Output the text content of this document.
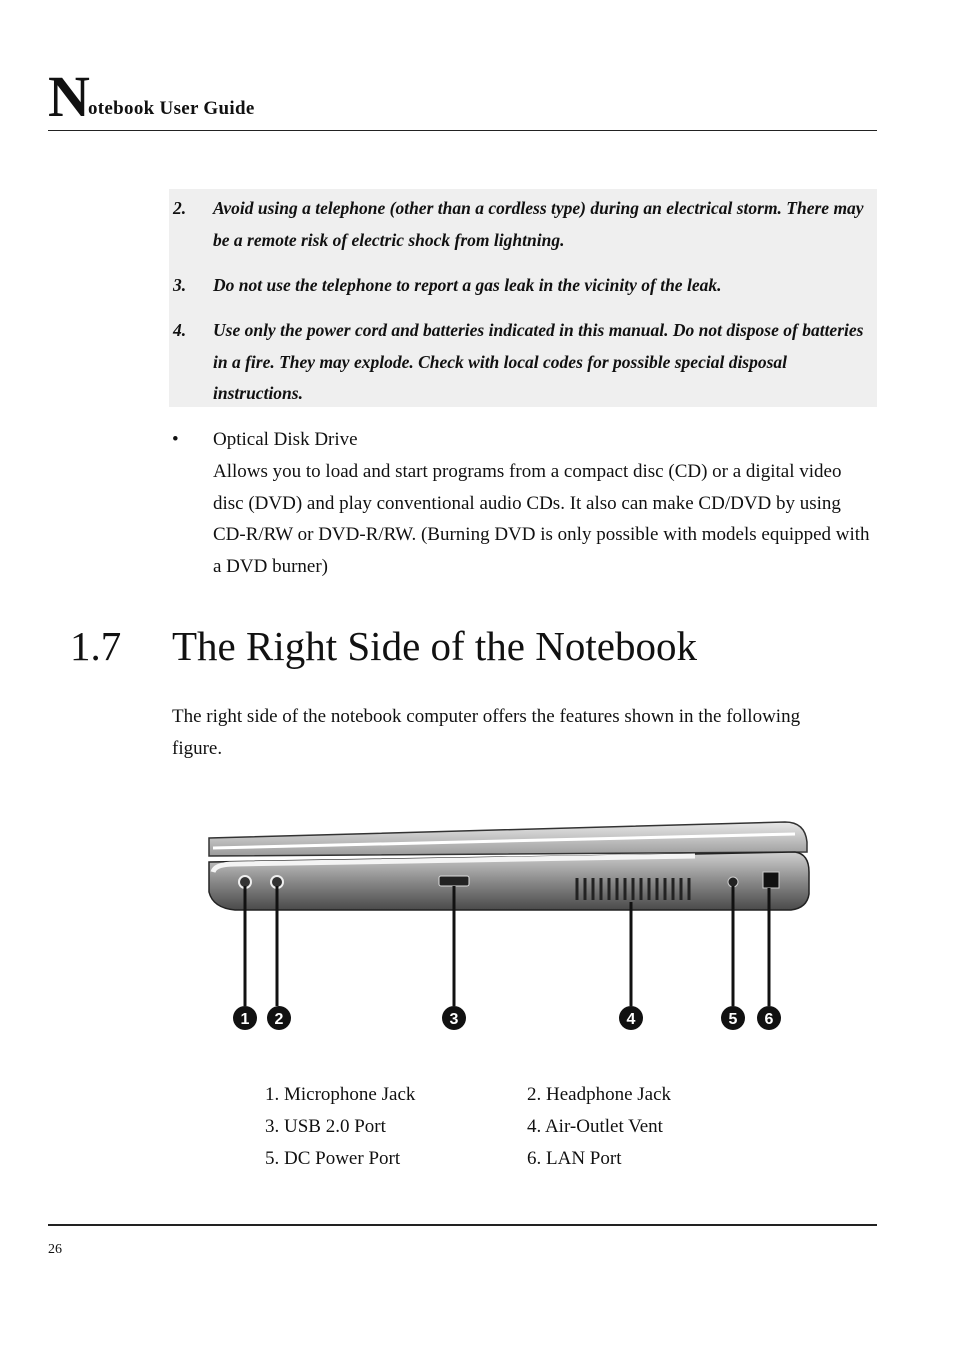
N
otebook User Guide
2. Avoid using a telephone (other than a cordless type) during an electrical storm. There may be a remote risk of electric shock from lightning.
3. Do not use the telephone to report a gas leak in the vicinity of the leak.
4. Use only the power cord and batteries indicated in this manual. Do not dispose of batteries in a fire. They may explode. Check with local codes for possible special disposal instructions.
• Optical Disk Drive
Allows you to load and start programs from a compact disc (CD) or a digital video disc (DVD) and play conventional audio CDs. It also can make CD/DVD by using CD-R/RW or DVD-R/RW. (Burning DVD is only possible with models equipped with a DVD burner)
1.7 The Right Side of the Notebook
The right side of the notebook computer offers the features shown in the following figure.
1 2	3	4	5 6
1. Microphone Jack	2. Headphone Jack
3. USB 2.0 Port	4. Air-Outlet Vent
5. DC Power Port	6. LAN Port
26
